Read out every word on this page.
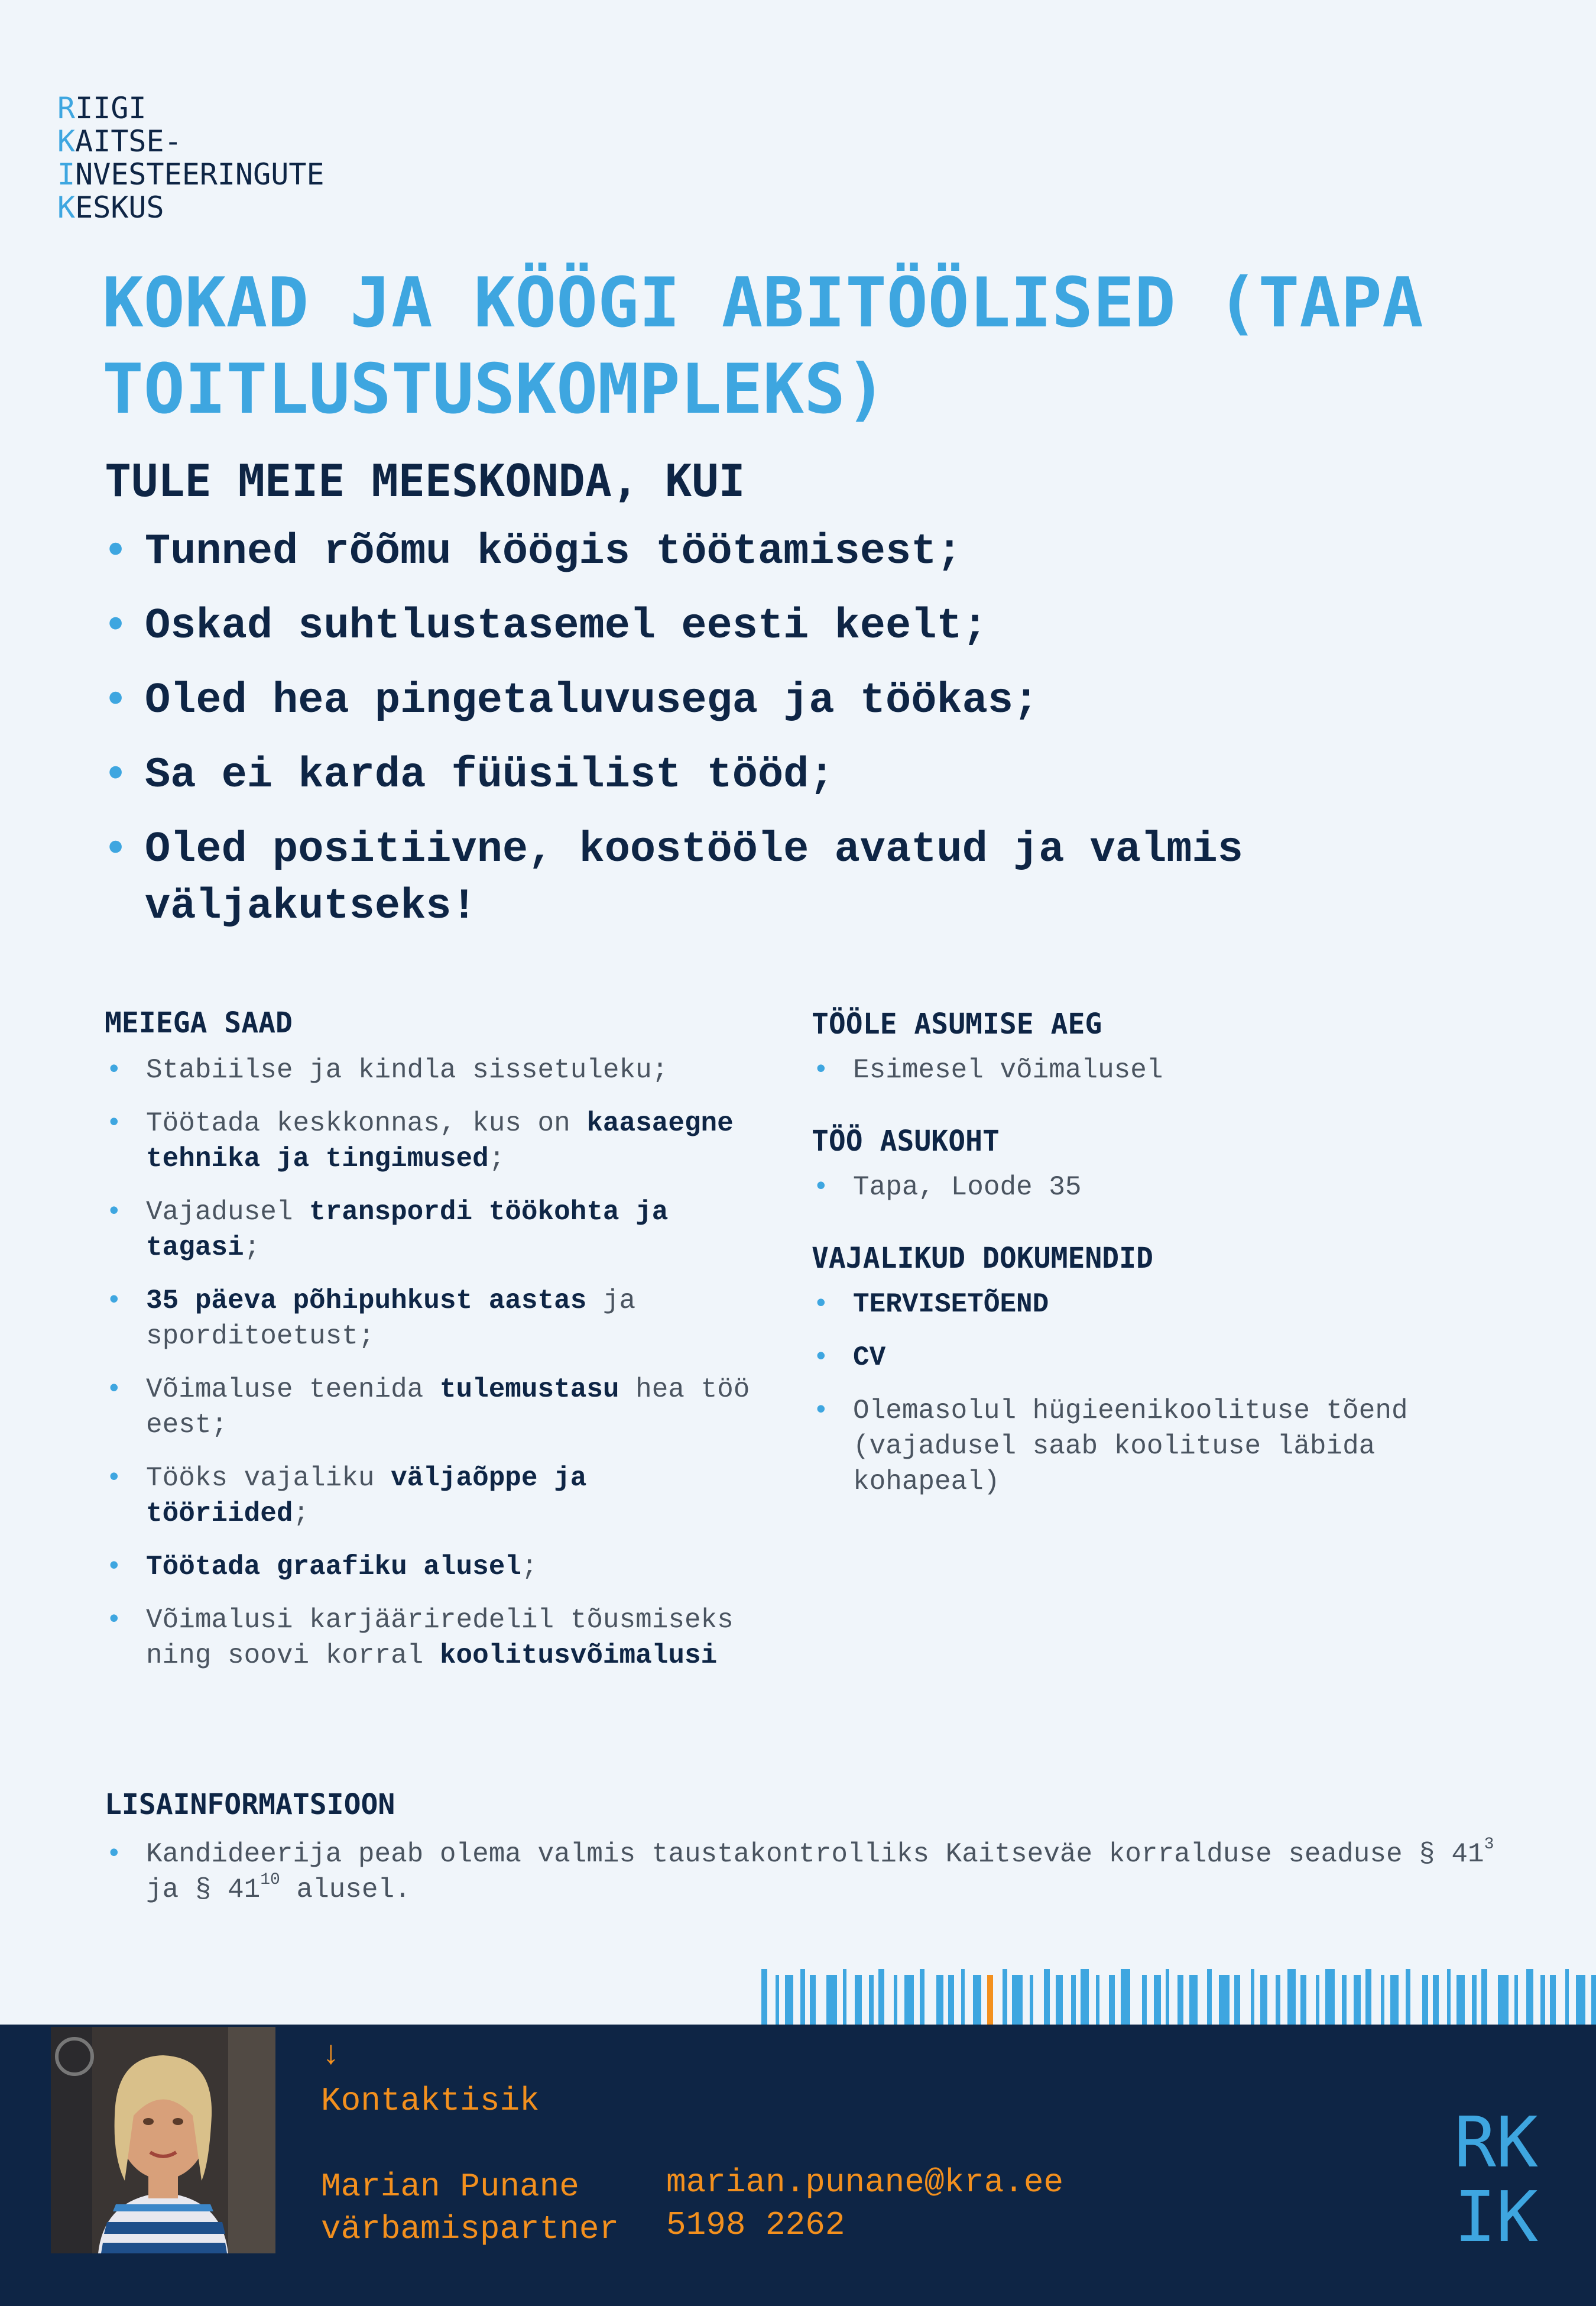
RIIGI
KAITSE-
INVESTEERINGUTE
KESKUS
KOKAD JA KÖÖGI ABITÖÖLISED (TAPA TOITLUSTUSKOMPLEKS)
TULE MEIE MEESKONDA, KUI
• Tunned rõõmu köögis töötamisest;
• Oskad suhtlustasemel eesti keelt;
• Oled hea pingetaluvusega ja töökas;
• Sa ei karda füüsilist tööd;
• Oled positiivne, koostööle avatud ja valmis väljakutseks!
MEIEGA SAAD
• Stabiilse ja kindla sissetuleku;
• Töötada keskkonnas, kus on kaasaegne tehnika ja tingimused;
• Vajadusel transpordi töökohta ja tagasi;
• 35 päeva põhipuhkust aastas ja sporditoetust;
• Võimaluse teenida tulemustasu hea töö eest;
• Tööks vajaliku väljaõppe ja tööriided;
• Töötada graafiku alusel;
• Võimalusi karjääriredelil tõusmiseks ning soovi korral koolitusvõimalusi
TÖÖLE ASUMISE AEG
• Esimesel võimalusel
TÖÖ ASUKOHT
• Tapa, Loode 35
VAJALIKUD DOKUMENDID
• TERVISETÕEND
• CV
• Olemasolul hügieenikoolituse tõend (vajadusel saab koolituse läbida kohapeal)
LISAINFORMATSIOON
• Kandideerija peab olema valmis taustakontrolliks Kaitseväe korralduse seaduse § $41^3$ ja § $41^{10}$ alusel.
↓
Kontaktisik
Marian Punane
värbamispartner
marian.punane@kra.ee
5198 2262
RK
IK
